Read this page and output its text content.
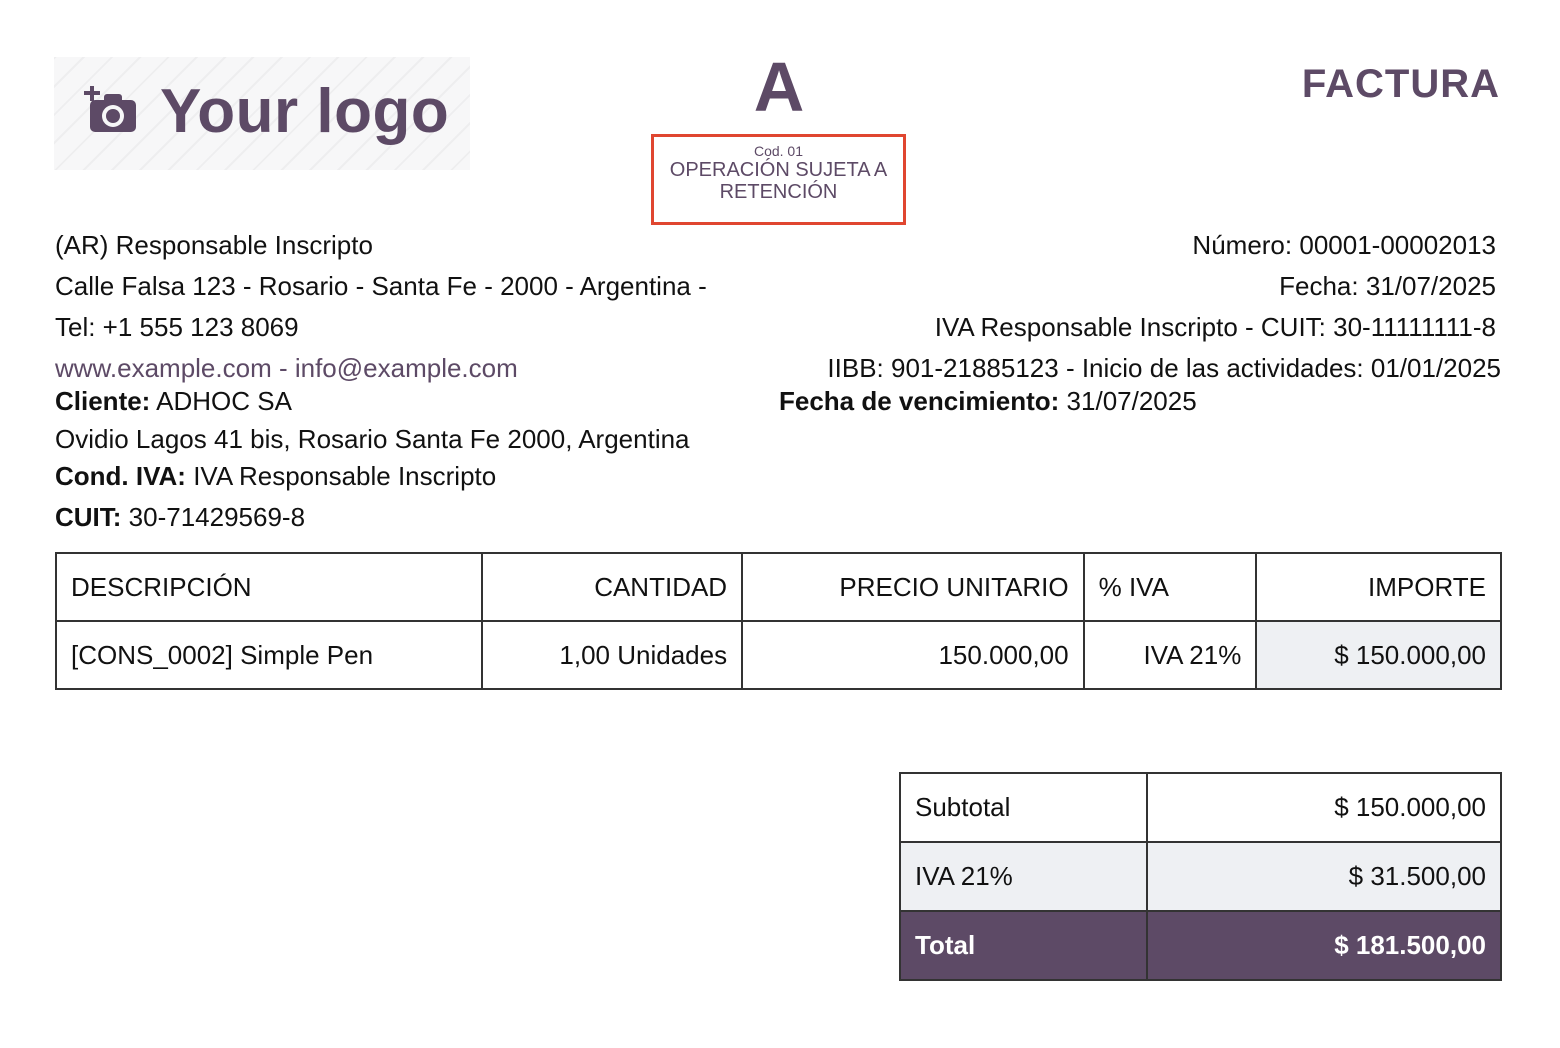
Your logo	A
Cod. 01
OPERACIÓN SUJETA A RETENCIÓN
FACTURA
(AR) Responsable Inscripto
Calle Falsa 123 - Rosario - Santa Fe - 2000 - Argentina -
Tel: +1 555 123 8069
www.example.com - info@example.com
Número: 00001-00002013
Fecha: 31/07/2025
IVA Responsable Inscripto - CUIT: 30-11111111-8
IIBB: 901-21885123 - Inicio de las actividades: 01/01/2025
Cliente: ADHOC SA
Ovidio Lagos 41 bis, Rosario Santa Fe 2000, Argentina
Cond. IVA: IVA Responsable Inscripto
CUIT: 30-71429569-8
Fecha de vencimiento: 31/07/2025
DESCRIPCIÓN	CANTIDAD	PRECIO UNITARIO	% IVA	IMPORTE
[CONS_0002] Simple Pen	1,00 Unidades	150.000,00	IVA 21%	$ 150.000,00
Subtotal	$ 150.000,00
IVA 21%	$ 31.500,00
Total	$ 181.500,00
